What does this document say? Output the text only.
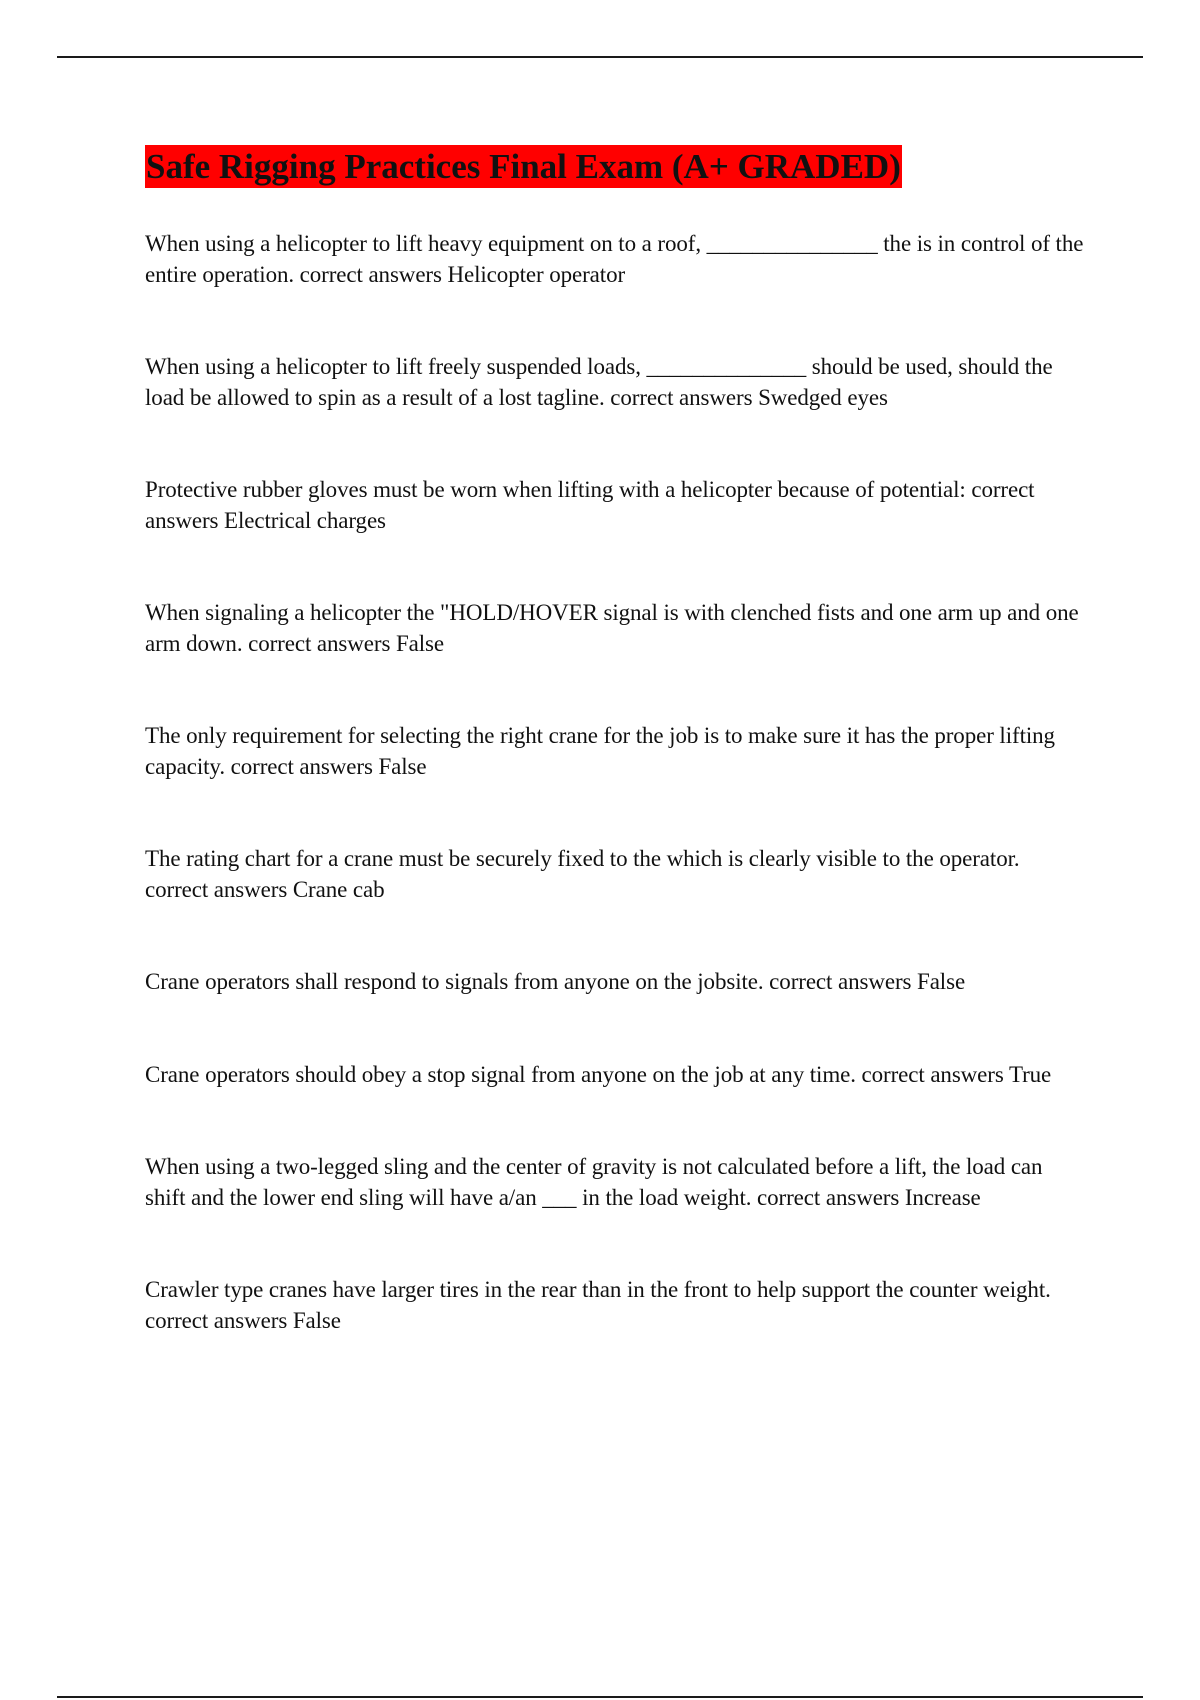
Safe Rigging Practices Final Exam (A+ GRADED)

When using a helicopter to lift heavy equipment on to a roof, _______________ the is in control of the entire operation. correct answers Helicopter operator

When using a helicopter to lift freely suspended loads, ______________ should be used, should the load be allowed to spin as a result of a lost tagline. correct answers Swedged eyes

Protective rubber gloves must be worn when lifting with a helicopter because of potential: correct answers Electrical charges

When signaling a helicopter the "HOLD/HOVER signal is with clenched fists and one arm up and one arm down. correct answers False

The only requirement for selecting the right crane for the job is to make sure it has the proper lifting capacity. correct answers False

The rating chart for a crane must be securely fixed to the which is clearly visible to the operator. correct answers Crane cab

Crane operators shall respond to signals from anyone on the jobsite. correct answers False

Crane operators should obey a stop signal from anyone on the job at any time. correct answers True

When using a two-legged sling and the center of gravity is not calculated before a lift, the load can shift and the lower end sling will have a/an ___ in the load weight. correct answers Increase

Crawler type cranes have larger tires in the rear than in the front to help support the counter weight. correct answers False
